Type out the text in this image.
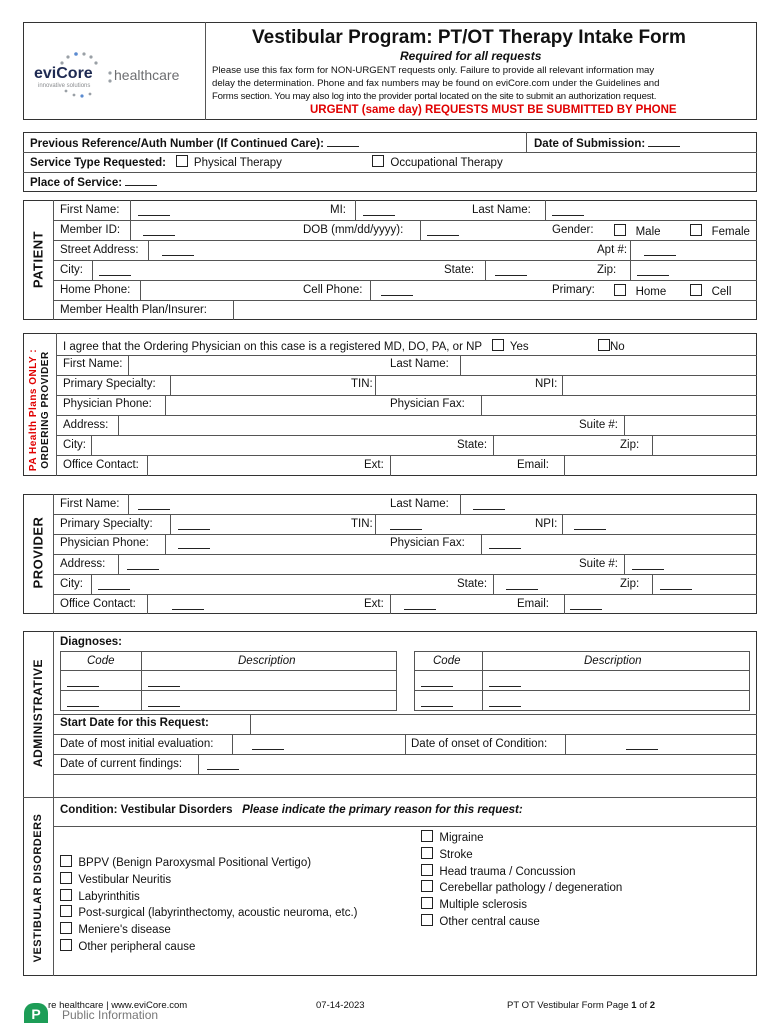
eviCore healthcare
innovative solutions
Vestibular Program: PT/OT Therapy Intake Form
Required for all requests
Please use this fax form for NON-URGENT requests only. Failure to provide all relevant information may
delay the determination. Phone and fax numbers may be found on eviCore.com under the Guidelines and
Forms section. You may also log into the provider portal located on the site to submit an authorization request.
URGENT (same day) REQUESTS MUST BE SUBMITTED BY PHONE
Previous Reference/Auth Number (If Continued Care):	Date of Submission:
Service Type Requested: Physical Therapy	Occupational Therapy
Place of Service:
PATIENT
First Name:	MI:	Last Name:
Member ID:	DOB (mm/dd/yyyy):	Gender:	Male	Female
Street Address:	Apt #:
City:	State:	Zip:
Home Phone:	Cell Phone:	Primary:	Home	Cell
Member Health Plan/Insurer:
PA Health Plans ONLY : ORDERING PROVIDER
I agree that the Ordering Physician on this case is a registered MD, DO, PA, or NP Yes	No
First Name:	Last Name:
Primary Specialty:	TIN:	NPI:
Physician Phone:	Physician Fax:
Address:	Suite #:
City:	State:	Zip:
Office Contact:	Ext:	Email:
PROVIDER
First Name:	Last Name:
Primary Specialty:	TIN:	NPI:
Physician Phone:	Physician Fax:
Address:	Suite #:
City:	State:	Zip:
Office Contact:	Ext:	Email:
ADMINISTRATIVE
Diagnoses:
Code	Description	Code	Description
Start Date for this Request:
Date of most initial evaluation:	Date of onset of Condition:
Date of current findings:
VESTIBULAR DISORDERS
Condition: Vestibular Disorders Please indicate the primary reason for this request:
BPPV (Benign Paroxysmal Positional Vertigo)
Vestibular Neuritis
Labyrinthitis
Post-surgical (labyrinthectomy, acoustic neuroma, etc.)
Meniere's disease
Other peripheral cause
Migraine
Stroke
Head trauma / Concussion
Cerebellar pathology / degeneration
Multiple sclerosis
Other central cause
re healthcare | www.eviCore.com	07-14-2023	PT OT Vestibular Form Page 1 of 2
P	Public Information
